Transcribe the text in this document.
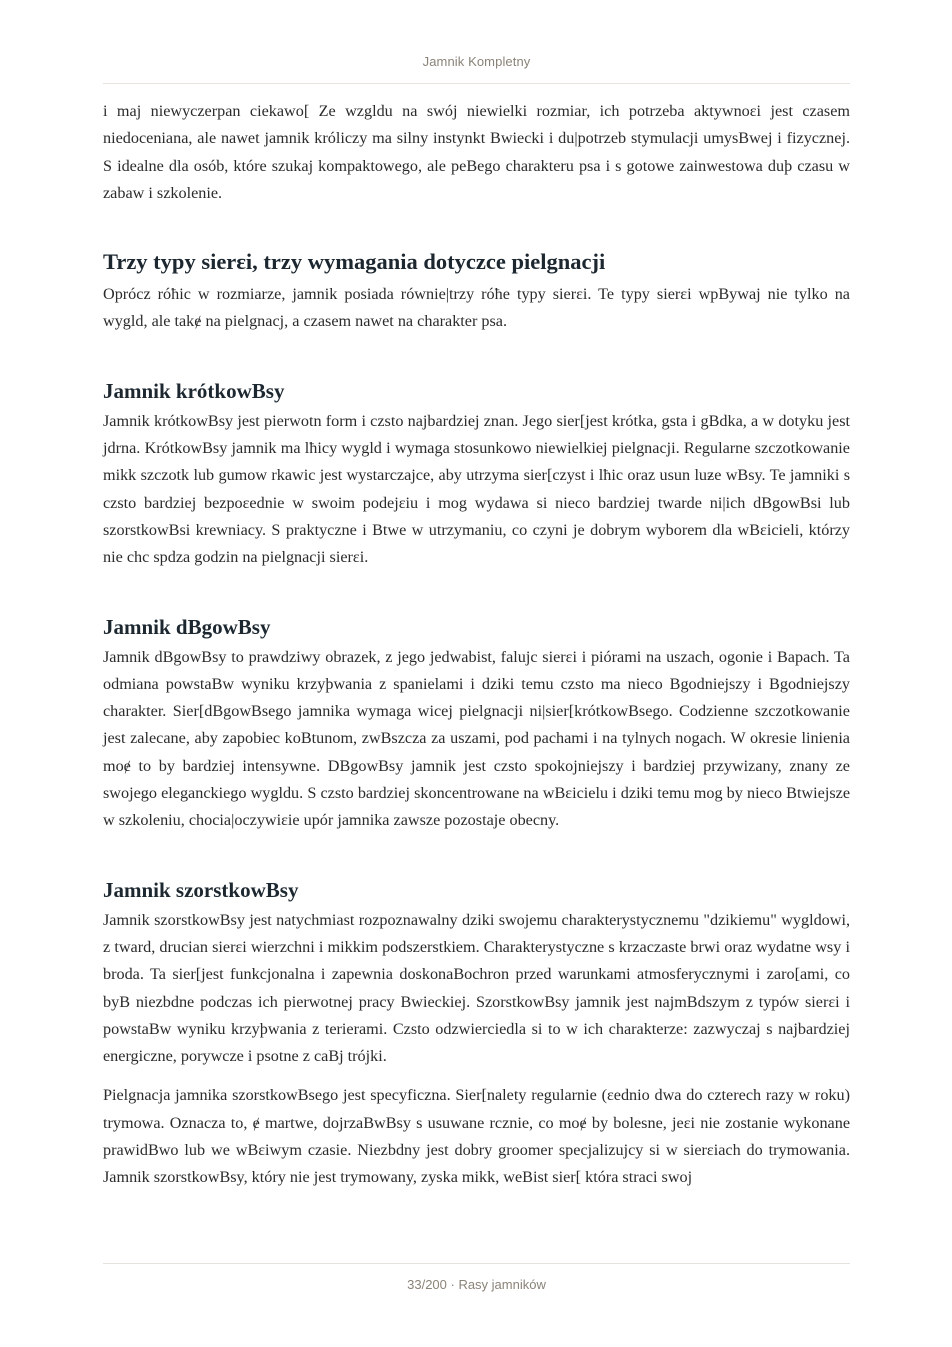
Jamnik Kompletny

i maj niewyczerpan ciekawo[ Ze wzgldu na swój niewielki rozmiar, ich potrzeba aktywnoɛi jest czasem niedoceniana, ale nawet jamnik króliczy ma silny instynkt Bwiecki i du|potrzeb stymulacji umysBwej i fizycznej. S idealne dla osób, które szukaj kompaktowego, ale peBego charakteru psa i s gotowe zainwestowa duþ czasu w zabaw i szkolenie.

Trzy typy sierɛi, trzy wymagania dotyczce pielgnacji

Oprócz róħic w rozmiarze, jamnik posiada równie|trzy róħe typy sierɛi. Te typy sierɛi wpBywaj nie tylko na wygld, ale takɇ na pielgnacj, a czasem nawet na charakter psa.

Jamnik krótkowBsy

Jamnik krótkowBsy jest pierwotn form i czsto najbardziej znan. Jego sier[jest krótka, gsta i gBdka, a w dotyku jest jdrna. KrótkowBsy jamnik ma lħicy wygld i wymaga stosunkowo niewielkiej pielgnacji. Regularne szczotkowanie mikk szczotk lub gumow rkawic jest wystarczajce, aby utrzyma sier[czyst i lħic oraz usun luƶe wBsy. Te jamniki s czsto bardziej bezpoɛednie w swoim podejɛiu i mog wydawa si nieco bardziej twarde ni|ich dBgowBsi lub szorstkowBsi krewniacy. S praktyczne i Btwe w utrzymaniu, co czyni je dobrym wyborem dla wBɛicieli, którzy nie chc spdza godzin na pielgnacji sierɛi.

Jamnik dBgowBsy

Jamnik dBgowBsy to prawdziwy obrazek, z jego jedwabist, falujc sierɛi i piórami na uszach, ogonie i Bapach. Ta odmiana powstaBw wyniku krzyþwania z spanielami i dziki temu czsto ma nieco Bgodniejszy i Bgodniejszy charakter. Sier[dBgowBsego jamnika wymaga wicej pielgnacji ni|sier[krótkowBsego. Codzienne szczotkowanie jest zalecane, aby zapobiec koBtunom, zwBszcza za uszami, pod pachami i na tylnych nogach. W okresie linienia moɇ to by bardziej intensywne. DBgowBsy jamnik jest czsto spokojniejszy i bardziej przywizany, znany ze swojego eleganckiego wygldu. S czsto bardziej skoncentrowane na wBɛicielu i dziki temu mog by nieco Btwiejsze w szkoleniu, chocia|oczywiɛie upór jamnika zawsze pozostaje obecny.

Jamnik szorstkowBsy

Jamnik szorstkowBsy jest natychmiast rozpoznawalny dziki swojemu charakterystycznemu "dzikiemu" wygldowi, z tward, drucian sierɛi wierzchni i mikkim podszerstkiem. Charakterystyczne s krzaczaste brwi oraz wydatne wsy i broda. Ta sier[jest funkcjonalna i zapewnia doskonaBochron przed warunkami atmosferycznymi i zaro[ami, co byB niezbdne podczas ich pierwotnej pracy Bwieckiej. SzorstkowBsy jamnik jest najmBdszym z typów sierɛi i powstaBw wyniku krzyþwania z terierami. Czsto odzwierciedla si to w ich charakterze: zazwyczaj s najbardziej energiczne, porywcze i psotne z caBj trójki.

Pielgnacja jamnika szorstkowBsego jest specyficzna. Sier[nalety regularnie (ɛednio dwa do czterech razy w roku) trymowa. Oznacza to, ɇ martwe, dojrzaBwBsy s usuwane rcznie, co moɇ by bolesne, jeɛi nie zostanie wykonane prawidBwo lub we wBɛiwym czasie. Niezbdny jest dobry groomer specjalizujcy si w sierɛiach do trymowania. Jamnik szorstkowBsy, który nie jest trymowany, zyska mikk, weBist sier[ która straci swoj

33/200 · Rasy jamników
